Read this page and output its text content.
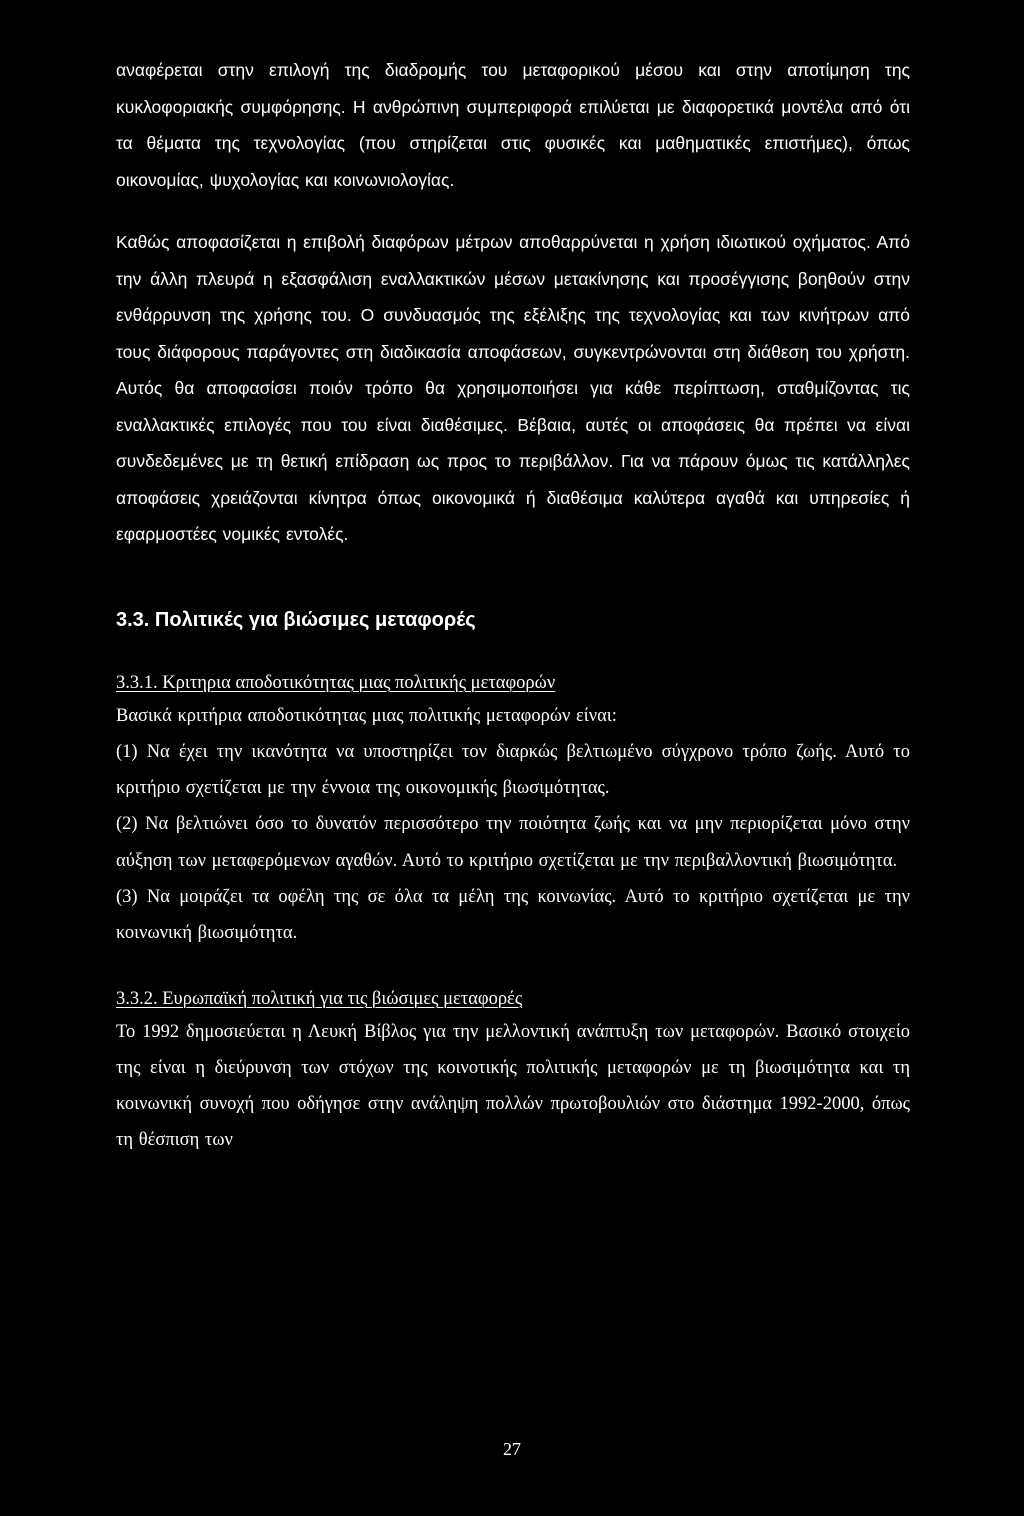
αναφέρεται στην επιλογή της διαδρομής του μεταφορικού μέσου και στην αποτίμηση της κυκλοφοριακής συμφόρησης. Η ανθρώπινη συμπεριφορά επιλύεται με διαφορετικά μοντέλα από ότι τα θέματα της τεχνολογίας (που στηρίζεται στις φυσικές και μαθηματικές επιστήμες), όπως οικονομίας, ψυχολογίας και κοινωνιολογίας.

Καθώς αποφασίζεται η επιβολή διαφόρων μέτρων αποθαρρύνεται η χρήση ιδιωτικού οχήματος. Από την άλλη πλευρά η εξασφάλιση εναλλακτικών μέσων μετακίνησης και προσέγγισης βοηθούν στην ενθάρρυνση της χρήσης του. Ο συνδυασμός της εξέλιξης της τεχνολογίας και των κινήτρων από τους διάφορους παράγοντες στη διαδικασία αποφάσεων, συγκεντρώνονται στη διάθεση του χρήστη. Αυτός θα αποφασίσει ποιόν τρόπο θα χρησιμοποιήσει για κάθε περίπτωση, σταθμίζοντας τις εναλλακτικές επιλογές που του είναι διαθέσιμες. Βέβαια, αυτές οι αποφάσεις θα πρέπει να είναι συνδεδεμένες με τη θετική επίδραση ως προς το περιβάλλον. Για να πάρουν όμως τις κατάλληλες αποφάσεις χρειάζονται κίνητρα όπως οικονομικά ή διαθέσιμα καλύτερα αγαθά και υπηρεσίες ή εφαρμοστέες νομικές εντολές.

3.3. Πολιτικές για βιώσιμες μεταφορές

3.3.1. Κριτηρια αποδοτικότητας μιας πολιτικής μεταφορών

Βασικά κριτήρια αποδοτικότητας μιας πολιτικής μεταφορών είναι:

(1) Να έχει την ικανότητα να υποστηρίζει τον διαρκώς βελτιωμένο σύγχρονο τρόπο ζωής. Αυτό το κριτήριο σχετίζεται με την έννοια της οικονομικής βιωσιμότητας.

(2) Να βελτιώνει όσο το δυνατόν περισσότερο την ποιότητα ζωής και να μην περιορίζεται μόνο στην αύξηση των μεταφερόμενων αγαθών. Αυτό το κριτήριο σχετίζεται με την περιβαλλοντική βιωσιμότητα.

(3) Να μοιράζει τα οφέλη της σε όλα τα μέλη της κοινωνίας. Αυτό το κριτήριο σχετίζεται με την κοινωνική βιωσιμότητα.

3.3.2. Ευρωπαϊκή πολιτική για τις βιώσιμες μεταφορές

Το 1992 δημοσιεύεται η Λευκή Βίβλος για την μελλοντική ανάπτυξη των μεταφορών. Βασικό στοιχείο της είναι η διεύρυνση των στόχων της κοινοτικής πολιτικής μεταφορών με τη βιωσιμότητα και τη κοινωνική συνοχή που οδήγησε στην ανάληψη πολλών πρωτοβουλιών στο διάστημα 1992-2000, όπως τη θέσπιση των

27
